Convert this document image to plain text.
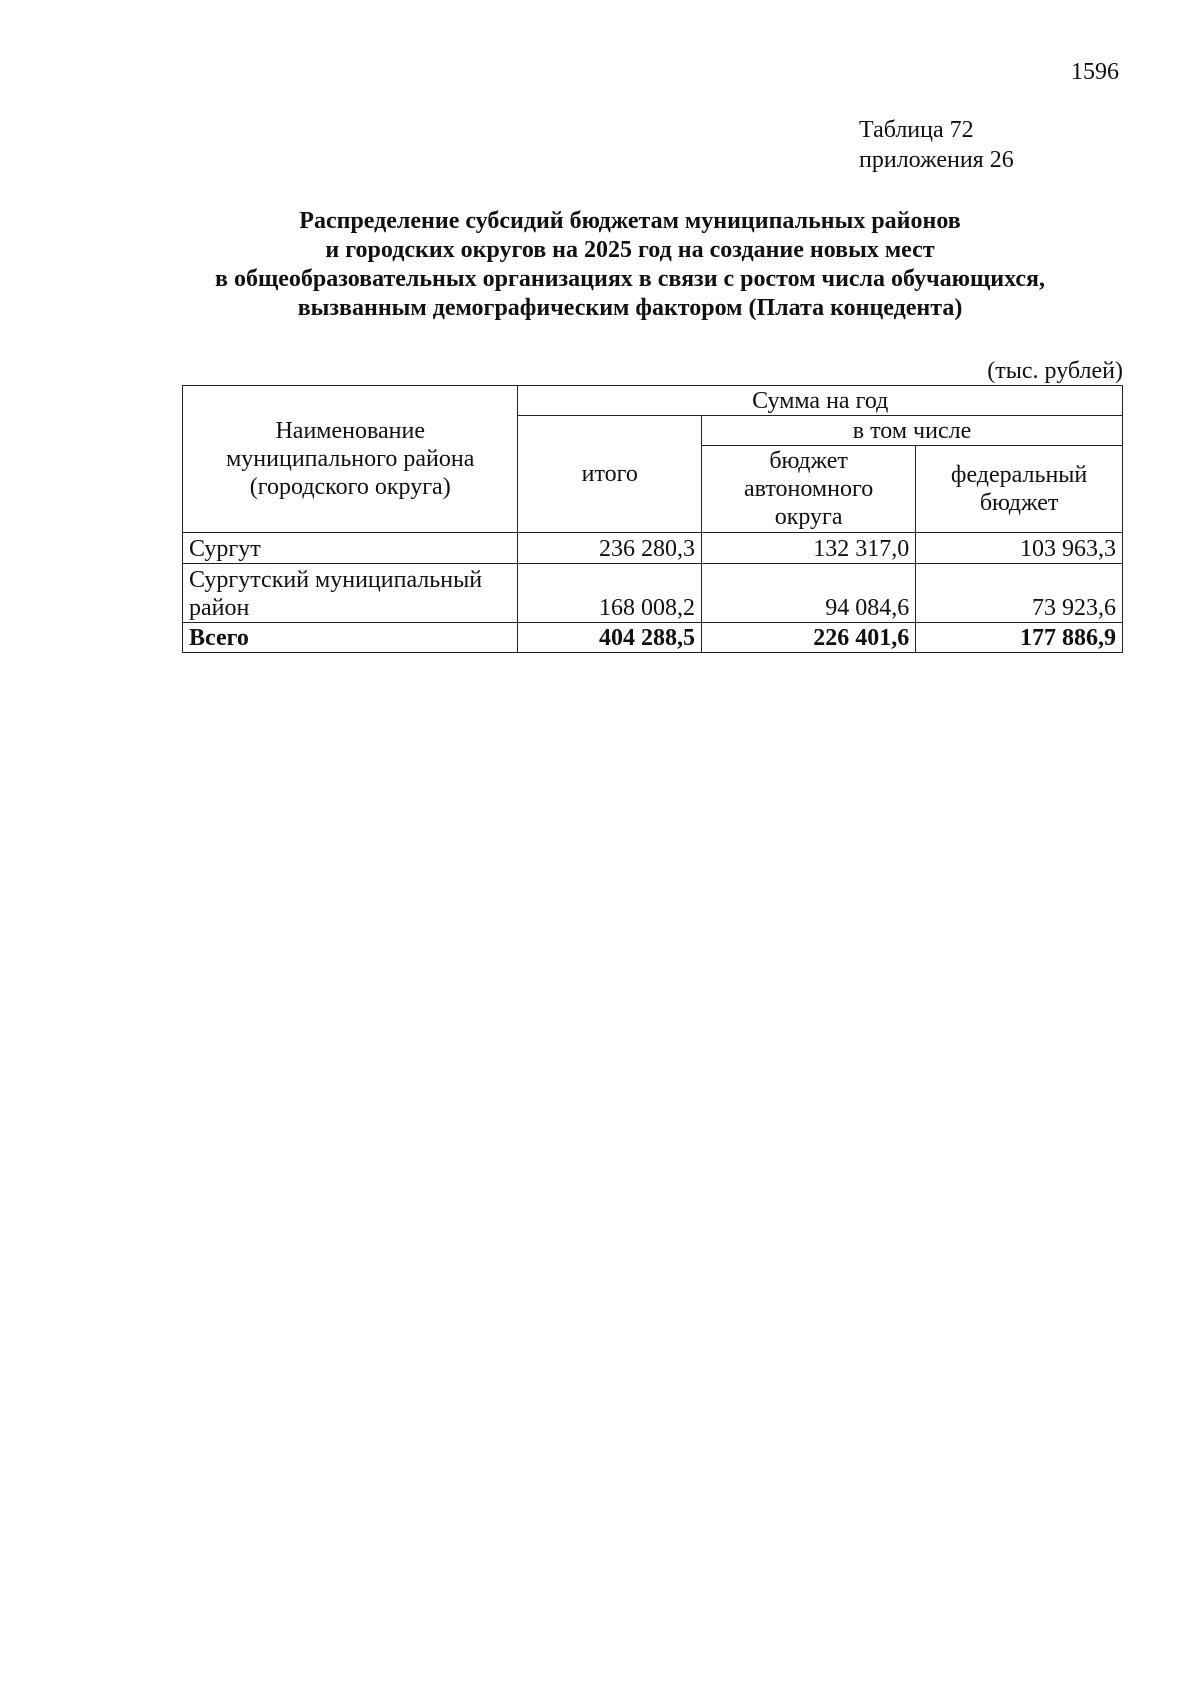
1596
Таблица 72
приложения 26
Распределение субсидий бюджетам муниципальных районов
и городских округов на 2025 год на создание новых мест
в общеобразовательных организациях в связи с ростом числа обучающихся,
вызванным демографическим фактором (Плата концедента)
(тыс. рублей)
Наименование муниципального района (городского округа)	Сумма на год		
	итого	в том числе	
		бюджет автономного округа	федеральный бюджет
Сургут	236 280,3	132 317,0	103 963,3
Сургутский муниципальный район	168 008,2	94 084,6	73 923,6
Всего	404 288,5	226 401,6	177 886,9
